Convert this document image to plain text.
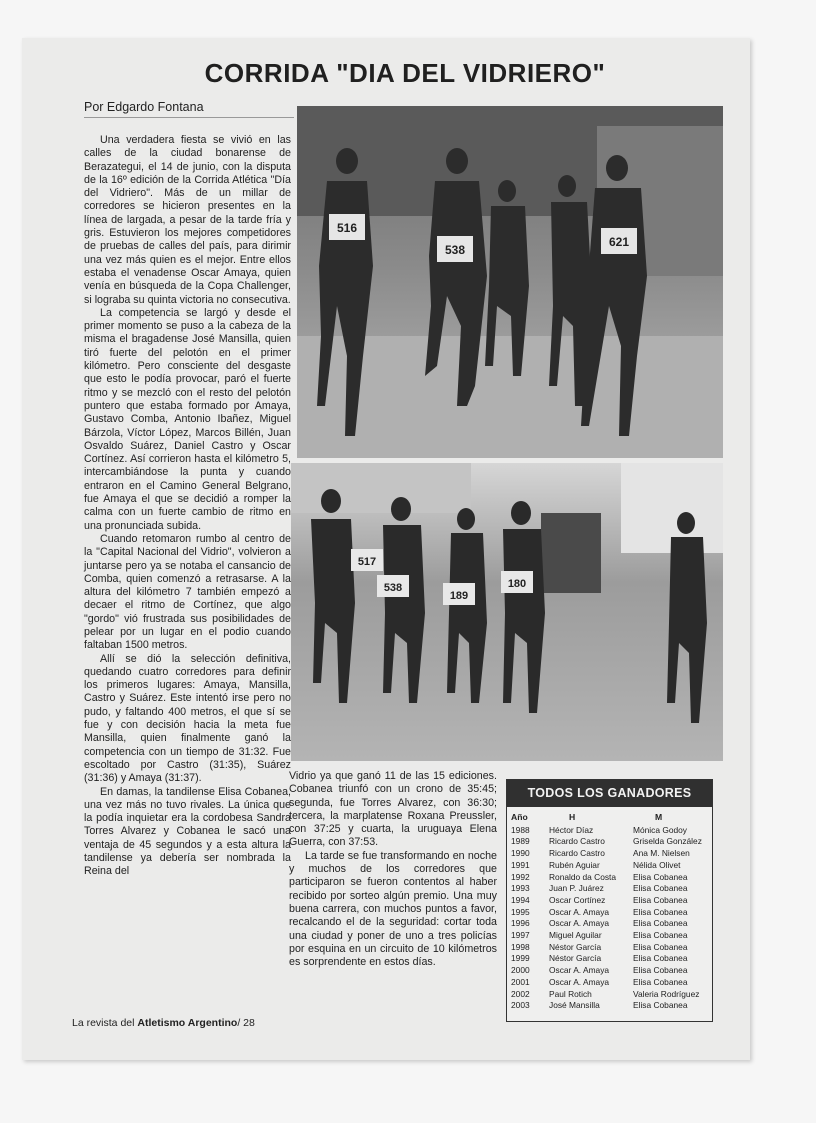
CORRIDA "DIA DEL VIDRIERO"
Por Edgardo Fontana

Una verdadera fiesta se vivió en las calles de la ciudad bonarense de Berazategui, el 14 de junio, con la disputa de la 16º edición de la Corrida Atlética "Día del Vidriero". Más de un millar de corredores se hicieron presentes en la línea de largada, a pesar de la tarde fría y gris. Estuvieron los mejores competidores de pruebas de calles del país, para dirimir una vez más quien es el mejor. Entre ellos estaba el venadense Oscar Amaya, quien venía en búsqueda de la Copa Challenger, si lograba su quinta victoria no consecutiva.

La competencia se largó y desde el primer momento se puso a la cabeza de la misma el bragadense José Mansilla, quien tiró fuerte del pelotón en el primer kilómetro. Pero consciente del desgaste que esto le podía provocar, paró el fuerte ritmo y se mezcló con el resto del pelotón puntero que estaba formado por Amaya, Gustavo Comba, Antonio Ibañez, Miguel Bárzola, Víctor López, Marcos Billén, Juan Osvaldo Suárez, Daniel Castro y Oscar Cortínez. Así corrieron hasta el kilómetro 5, intercambiándose la punta y cuando entraron en el Camino General Belgrano, fue Amaya el que se decidió a romper la calma con un fuerte cambio de ritmo en una pronunciada subida.

Cuando retomaron rumbo al centro de la "Capital Nacional del Vidrio", volvieron a juntarse pero ya se notaba el cansancio de Comba, quien comenzó a retrasarse. A la altura del kilómetro 7 también empezó a decaer el ritmo de Cortínez, que algo "gordo" vió frustrada sus posibilidades de pelear por un lugar en el podio cuando faltaban 1500 metros.

Allí se dió la selección definitiva, quedando cuatro corredores para definir los primeros lugares: Amaya, Mansilla, Castro y Suárez. Este intentó irse pero no pudo, y faltando 400 metros, el que sí se fue y con decisión hacia la meta fue Mansilla, quien finalmente ganó la competencia con un tiempo de 31:32. Fue escoltado por Castro (31:35), Suárez (31:36) y Amaya (31:37).

En damas, la tandilense Elisa Cobanea, una vez más no tuvo rivales. La única que la podía inquietar era la cordobesa Sandra Torres Alvarez y Cobanea le sacó una ventaja de 45 segundos y a esta altura la tandilense ya debería ser nombrada la Reina del

516
538
621
517
538
189
180

Vidrio ya que ganó 11 de las 15 ediciones. Cobanea triunfó con un crono de 35:45; segunda, fue Torres Alvarez, con 36:30; tercera, la marplatense Roxana Preussler, con 37:25 y cuarta, la uruguaya Elena Guerra, con 37:53.

La tarde se fue transformando en noche y muchos de los corredores que participaron se fueron contentos al haber recibido por sorteo algún premio. Una muy buena carrera, con muchos puntos a favor, recalcando el de la seguridad: cortar toda una ciudad y poner de uno a tres policías por esquina en un circuito de 10 kilómetros es sorprendente en estos días.

TODOS LOS GANADORES
Año	H	M
1988	Héctor Díaz	Mónica Godoy
1989	Ricardo Castro	Griselda González
1990	Ricardo Castro	Ana M. Nielsen
1991	Rubén Aguiar	Nélida Olivet
1992	Ronaldo da Costa	Elisa Cobanea
1993	Juan P. Juárez	Elisa Cobanea
1994	Oscar Cortínez	Elisa Cobanea
1995	Oscar A. Amaya	Elisa Cobanea
1996	Oscar A. Amaya	Elisa Cobanea
1997	Miguel Aguilar	Elisa Cobanea
1998	Néstor García	Elisa Cobanea
1999	Néstor García	Elisa Cobanea
2000	Oscar A. Amaya	Elisa Cobanea
2001	Oscar A. Amaya	Elisa Cobanea
2002	Paul Rotich	Valeria Rodríguez
2003	José Mansilla	Elisa Cobanea
La revista del Atletismo Argentino/ 28
